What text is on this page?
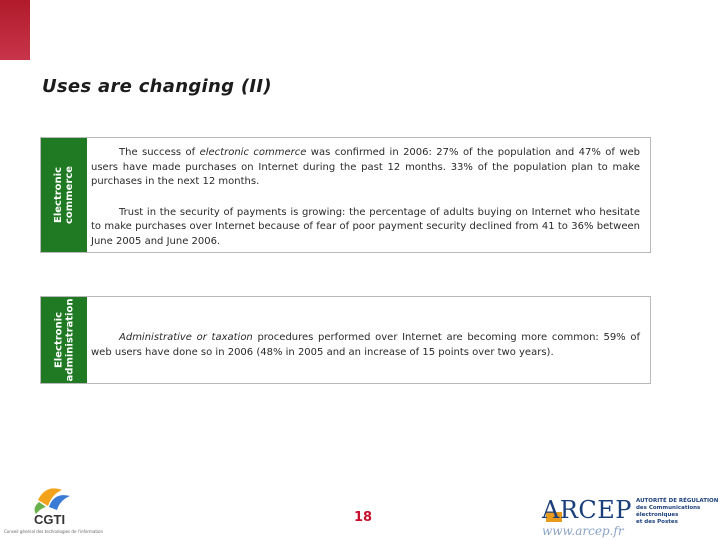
Uses are changing (II)
Electronic commerce

The success of electronic commerce was confirmed in 2006: 27% of the population and 47% of web users have made purchases on Internet during the past 12 months. 33% of the population plan to make purchases in the next 12 months.

Trust in the security of payments is growing: the percentage of adults buying on Internet who hesitate to make purchases over Internet because of fear of poor payment security declined from 41 to 36% between June 2005 and June 2006.

Electronic administration	Administrative or taxation procedures performed over Internet are becoming more common: 59% of web users have done so in 2006 (48% in 2005 and an increase of 15 points over two years).

CGTI
Conseil général des technologies de l'information
18	ARCEP
www.arcep.fr
AUTORITÉ DE RÉGULATION
des Communications électroniques
et des Postes
